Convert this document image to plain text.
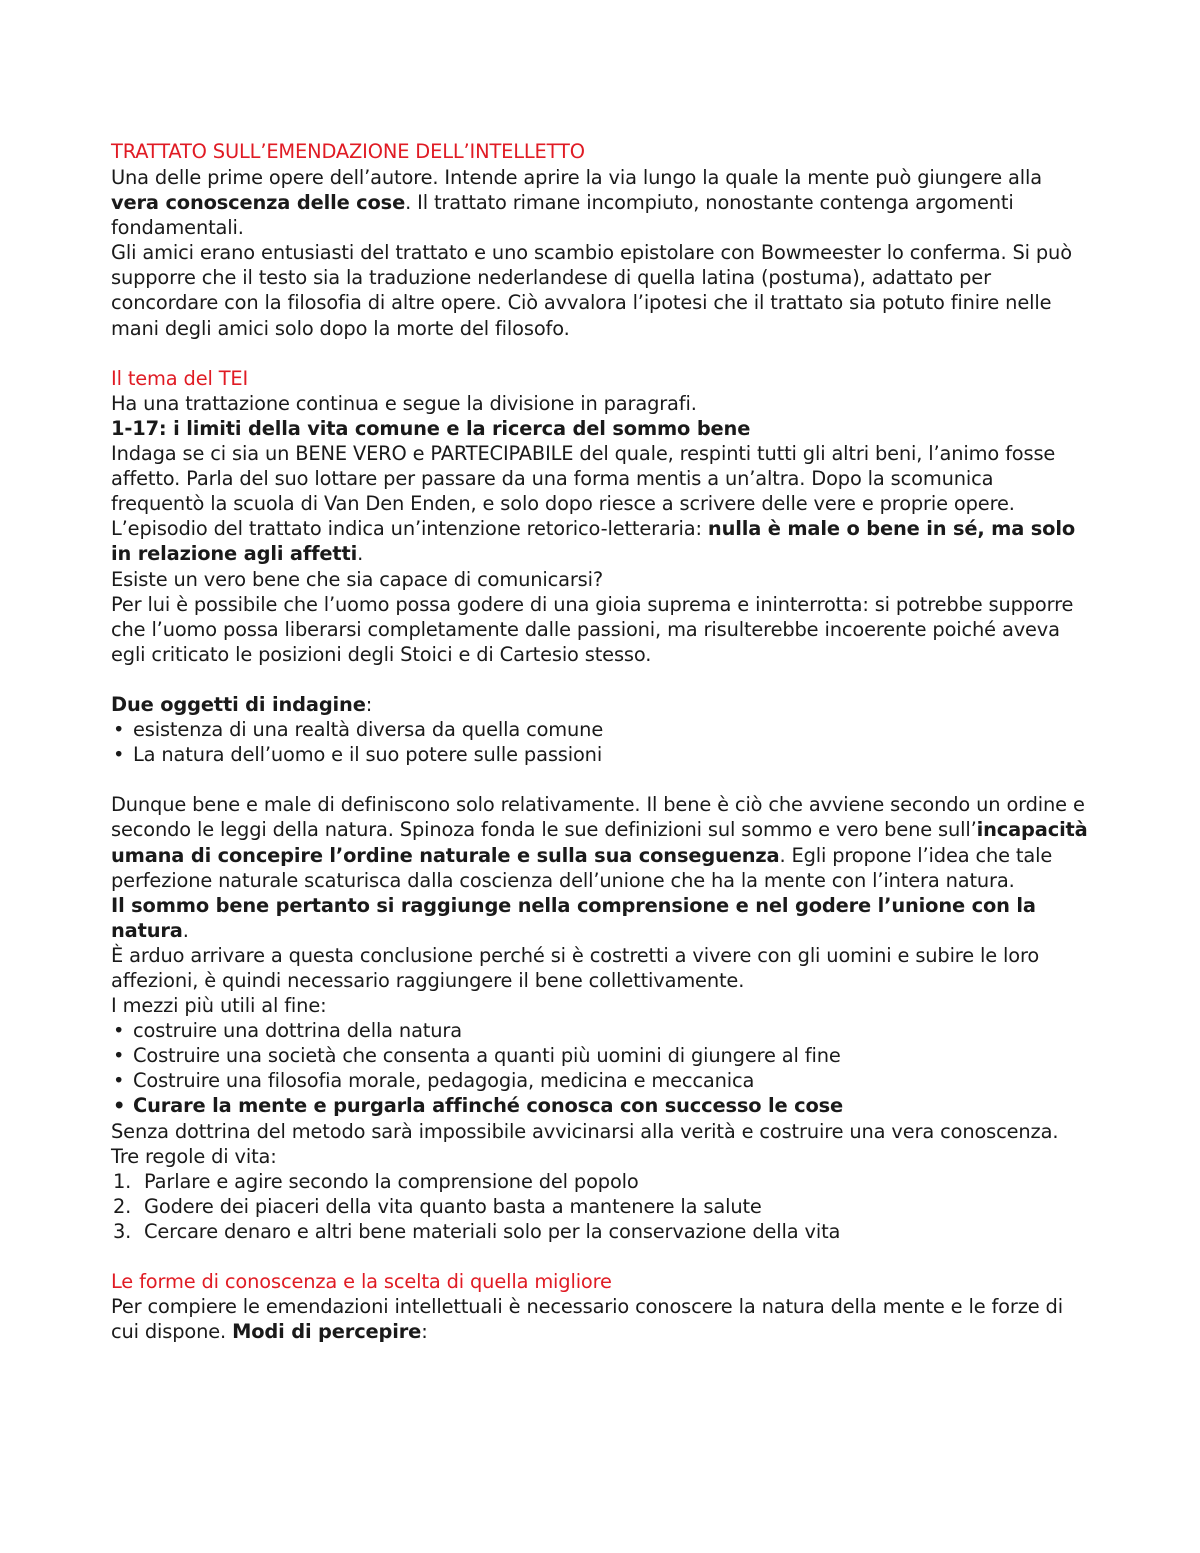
TRATTATO SULL’EMENDAZIONE DELL’INTELLETTO

Una delle prime opere dell’autore. Intende aprire la via lungo la quale la mente può giungere alla vera conoscenza delle cose. Il trattato rimane incompiuto, nonostante contenga argomenti fondamentali.

Gli amici erano entusiasti del trattato e uno scambio epistolare con Bowmeester lo conferma. Si può supporre che il testo sia la traduzione nederlandese di quella latina (postuma), adattato per concordare con la filosofia di altre opere. Ciò avvalora l’ipotesi che il trattato sia potuto finire nelle mani degli amici solo dopo la morte del filosofo.

Il tema del TEI

Ha una trattazione continua e segue la divisione in paragrafi.

1-17: i limiti della vita comune e la ricerca del sommo bene

Indaga se ci sia un BENE VERO e PARTECIPABILE del quale, respinti tutti gli altri beni, l’animo fosse affetto. Parla del suo lottare per passare da una forma mentis a un’altra. Dopo la scomunica frequentò la scuola di Van Den Enden, e solo dopo riesce a scrivere delle vere e proprie opere.

L’episodio del trattato indica un’intenzione retorico-letteraria: nulla è male o bene in sé, ma solo in relazione agli affetti.

Esiste un vero bene che sia capace di comunicarsi?

Per lui è possibile che l’uomo possa godere di una gioia suprema e ininterrotta: si potrebbe supporre che l’uomo possa liberarsi completamente dalle passioni, ma risulterebbe incoerente poiché aveva egli criticato le posizioni degli Stoici e di Cartesio stesso.

Due oggetti di indagine:

• esistenza di una realtà diversa da quella comune
• La natura dell’uomo e il suo potere sulle passioni

Dunque bene e male di definiscono solo relativamente. Il bene è ciò che avviene secondo un ordine e secondo le leggi della natura. Spinoza fonda le sue definizioni sul sommo e vero bene sull’incapacità umana di concepire l’ordine naturale e sulla sua conseguenza. Egli propone l’idea che tale perfezione naturale scaturisca dalla coscienza dell’unione che ha la mente con l’intera natura.

Il sommo bene pertanto si raggiunge nella comprensione e nel godere l’unione con la natura.

È arduo arrivare a questa conclusione perché si è costretti a vivere con gli uomini e subire le loro affezioni, è quindi necessario raggiungere il bene collettivamente.

I mezzi più utili al fine:

• costruire una dottrina della natura
• Costruire una società che consenta a quanti più uomini di giungere al fine
• Costruire una filosofia morale, pedagogia, medicina e meccanica
• Curare la mente e purgarla affinché conosca con successo le cose

Senza dottrina del metodo sarà impossibile avvicinarsi alla verità e costruire una vera conoscenza. Tre regole di vita:

1. Parlare e agire secondo la comprensione del popolo
2. Godere dei piaceri della vita quanto basta a mantenere la salute
3. Cercare denaro e altri bene materiali solo per la conservazione della vita

Le forme di conoscenza e la scelta di quella migliore

Per compiere le emendazioni intellettuali è necessario conoscere la natura della mente e le forze di cui dispone. Modi di percepire:
